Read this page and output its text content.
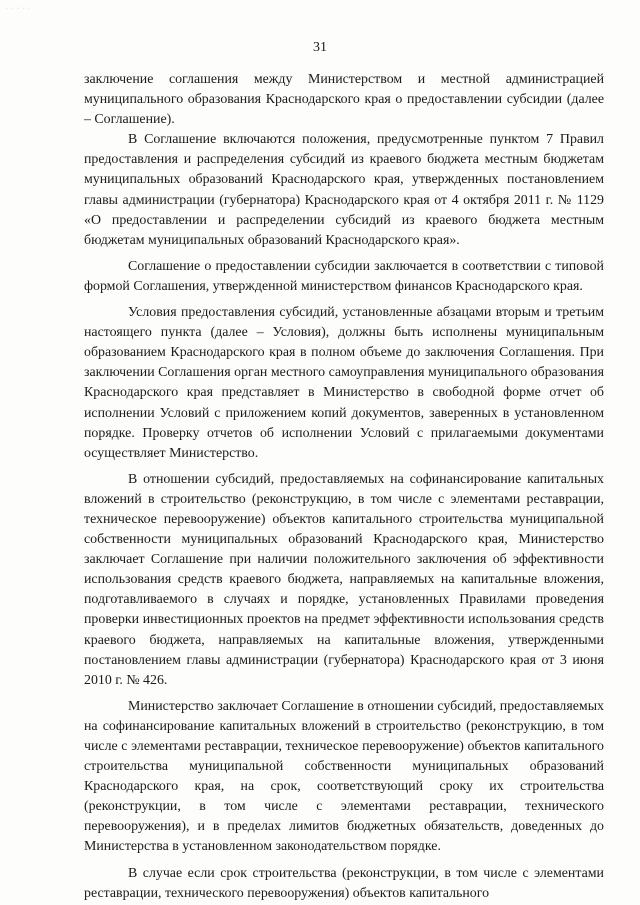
· · · · ·
31

заключение соглашения между Министерством и местной администрацией муниципального образования Краснодарского края о предоставлении субсидии (далее – Соглашение).

В Соглашение включаются положения, предусмотренные пунктом 7 Правил предоставления и распределения субсидий из краевого бюджета местным бюджетам муниципальных образований Краснодарского края, утвержденных постановлением главы администрации (губернатора) Краснодарского края от 4 октября 2011 г. № 1129 «О предоставлении и распределении субсидий из краевого бюджета местным бюджетам муниципальных образований Краснодарского края».

Соглашение о предоставлении субсидии заключается в соответствии с типовой формой Соглашения, утвержденной министерством финансов Краснодарского края.

Условия предоставления субсидий, установленные абзацами вторым и третьим настоящего пункта (далее – Условия), должны быть исполнены муниципальным образованием Краснодарского края в полном объеме до заключения Соглашения. При заключении Соглашения орган местного самоуправления муниципального образования Краснодарского края представляет в Министерство в свободной форме отчет об исполнении Условий с приложением копий документов, заверенных в установленном порядке. Проверку отчетов об исполнении Условий с прилагаемыми документами осуществляет Министерство.

В отношении субсидий, предоставляемых на софинансирование капитальных вложений в строительство (реконструкцию, в том числе с элементами реставрации, техническое перевооружение) объектов капитального строительства муниципальной собственности муниципальных образований Краснодарского края, Министерство заключает Соглашение при наличии положительного заключения об эффективности использования средств краевого бюджета, направляемых на капитальные вложения, подготавливаемого в случаях и порядке, установленных Правилами проведения проверки инвестиционных проектов на предмет эффективности использования средств краевого бюджета, направляемых на капитальные вложения, утвержденными постановлением главы администрации (губернатора) Краснодарского края от 3 июня 2010 г. № 426.

Министерство заключает Соглашение в отношении субсидий, предоставляемых на софинансирование капитальных вложений в строительство (реконструкцию, в том числе с элементами реставрации, техническое перевооружение) объектов капитального строительства муниципальной собственности муниципальных образований Краснодарского края, на срок, соответствующий сроку их строительства (реконструкции, в том числе с элементами реставрации, технического перевооружения), и в пределах лимитов бюджетных обязательств, доведенных до Министерства в установленном законодательством порядке.

В случае если срок строительства (реконструкции, в том числе с элементами реставрации, технического перевооружения) объектов капитального
